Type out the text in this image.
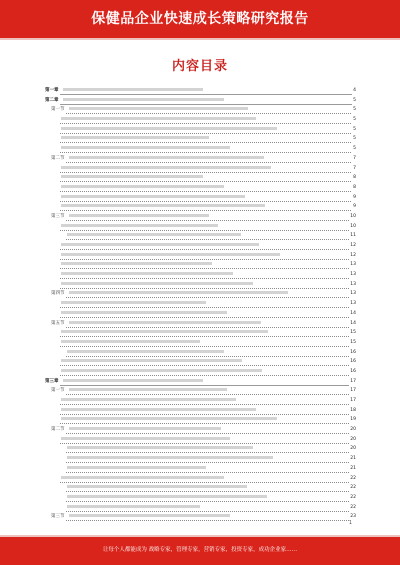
保健品企业快速成长策略研究报告
内容目录
第一章	4
第二章	5
第一节	5
5
5
5
5
第二节	7
7
8
8
9
9
第三节	10
10
11
12
12
13
13
13
第四节	13
13
14
第五节	14
15
15
16
16
16
第三章	17
第一节	17
17
18
19
第二节	20
20
20
21
21
22
22
22
22
第三节	23
1
让每个人都能成为 战略专家，管理专家，营销专家，投资专家，成功企业家……
